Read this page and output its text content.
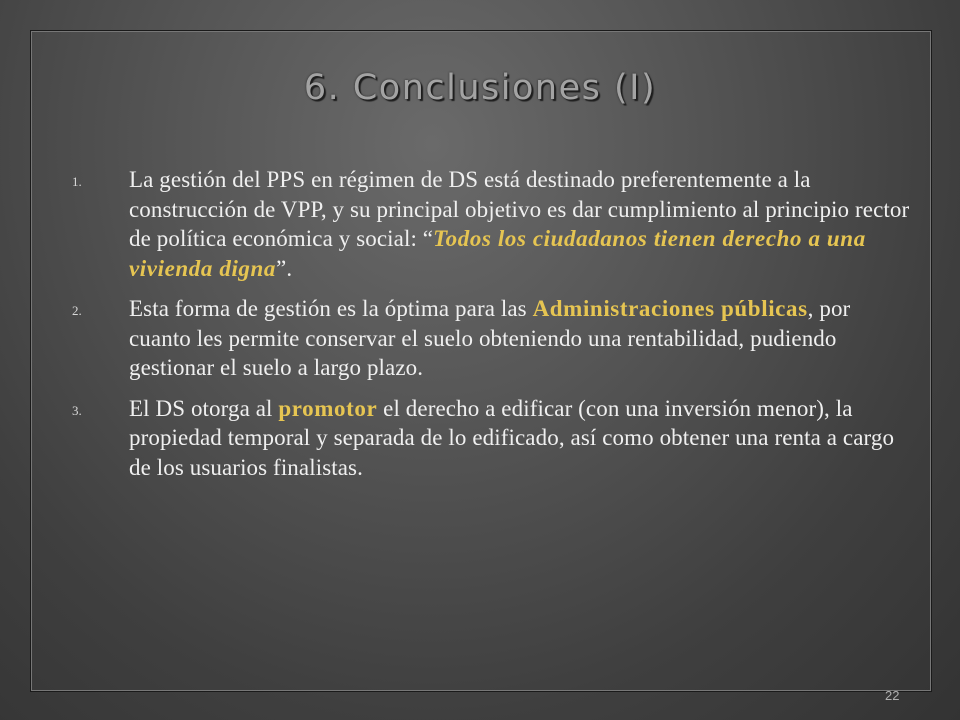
6. Conclusiones (I)
1.	La gestión del PPS en régimen de DS está destinado preferentemente a la construcción de VPP, y su principal objetivo es dar cumplimiento al principio rector de política económica y social: “Todos los ciudadanos tienen derecho a una vivienda digna”.
2.	Esta forma de gestión es la óptima para las Administraciones públicas, por cuanto les permite conservar el suelo obteniendo una rentabilidad, pudiendo gestionar el suelo a largo plazo.
3.	El DS otorga al promotor el derecho a edificar (con una inversión menor), la propiedad temporal y separada de lo edificado, así como obtener una renta a cargo de los usuarios finalistas.
22
